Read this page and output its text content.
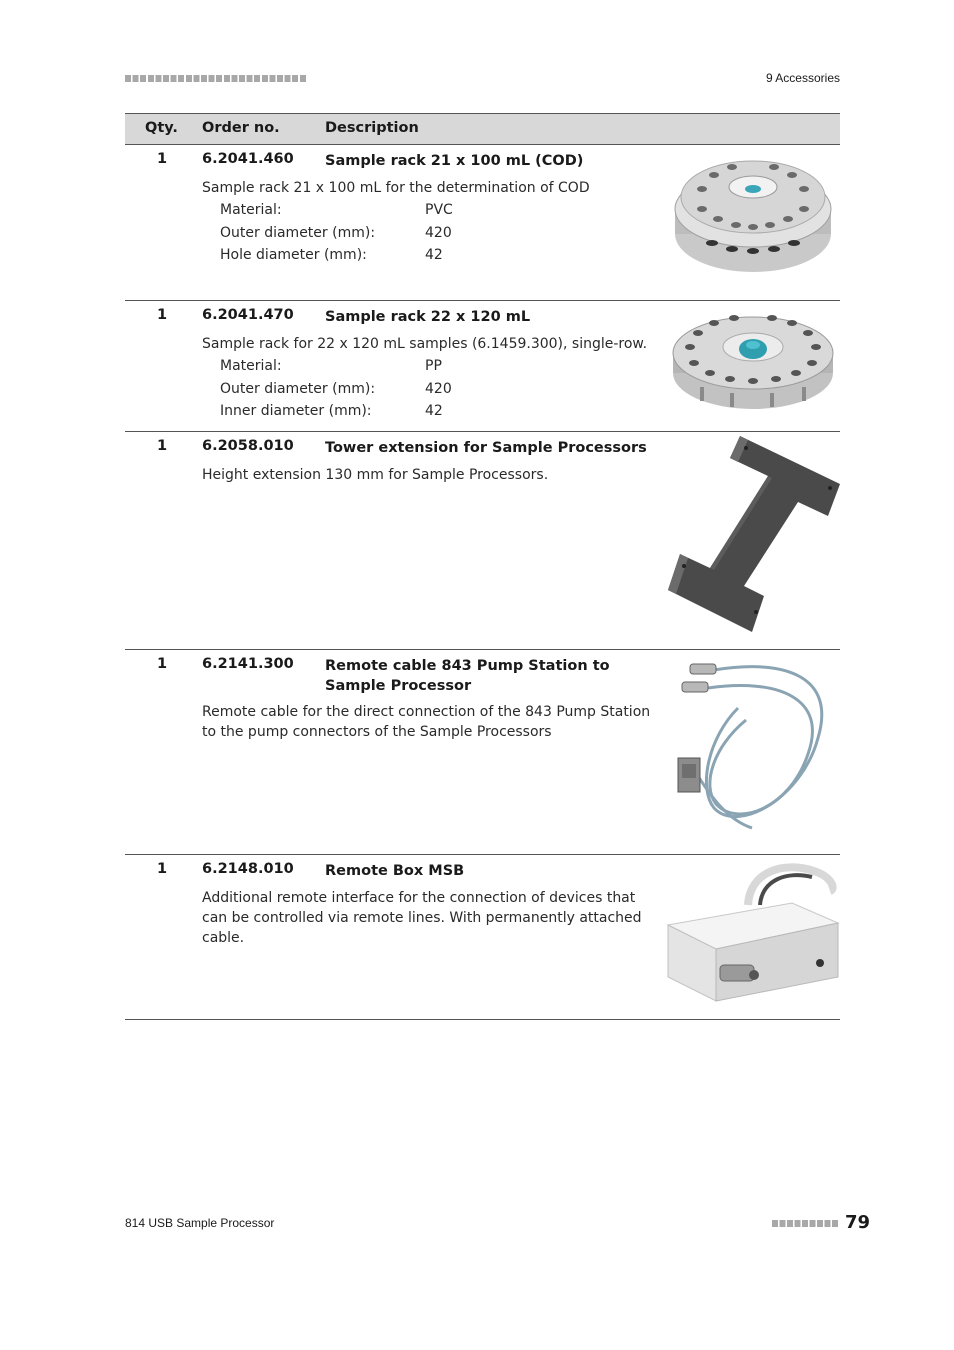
9 Accessories
Qty. Order no.	Description
1 6.2041.460 Sample rack 21 x 100 mL (COD)
Sample rack 21 x 100 mL for the determination of COD
Material:	PVC
Outer diameter (mm):	420
Hole diameter (mm):	42
1 6.2041.470 Sample rack 22 x 120 mL
Sample rack for 22 x 120 mL samples (6.1459.300), single-row.
Material:	PP
Outer diameter (mm):	420
Inner diameter (mm):	42
1 6.2058.010 Tower extension for Sample Processors
Height extension 130 mm for Sample Processors.
1 6.2141.300 Remote cable 843 Pump Station to Sample Processor
Remote cable for the direct connection of the 843 Pump Station to the pump connectors of the Sample Processors
1 6.2148.010 Remote Box MSB
Additional remote interface for the connection of devices that can be controlled via remote lines. With permanently attached cable.
814 USB Sample Processor	79
